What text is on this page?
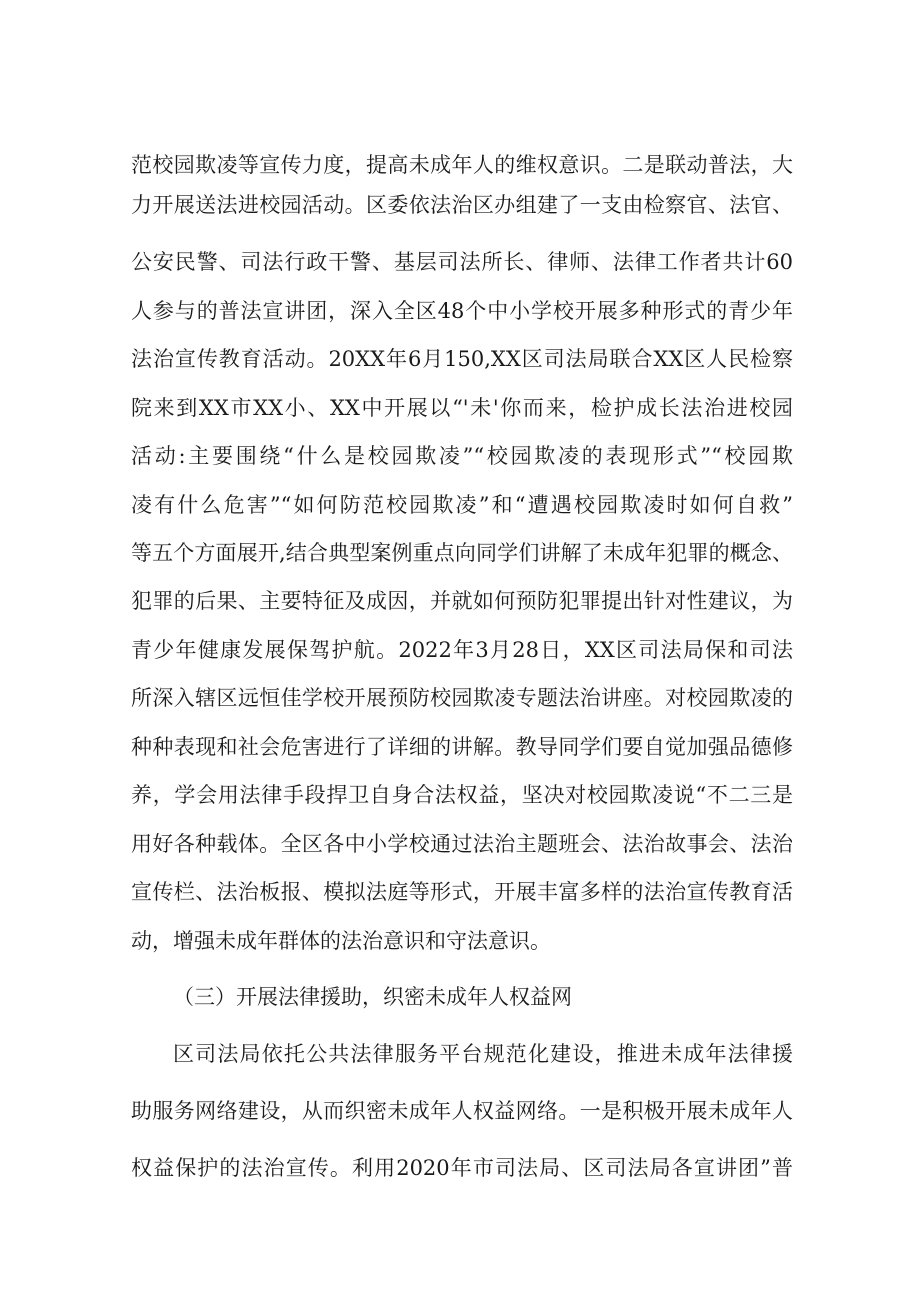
范校园欺凌等宣传力度，提高未成年人的维权意识。二是联动普法，大
力开展送法进校园活动。区委依法治区办组建了一支由检察官、法官、
公安民警、司法行政干警、基层司法所长、律师、法律工作者共计60
人参与的普法宣讲团，深入全区48个中小学校开展多种形式的青少年
法治宣传教育活动。20XX年6月150,XX区司法局联合XX区人民检察
院来到XX市XX小、XX中开展以“'未'你而来，检护成长法治进校园
活动:主要围绕“什么是校园欺凌”“校园欺凌的表现形式”“校园欺
凌有什么危害”“如何防范校园欺凌”和“遭遇校园欺凌时如何自救”
等五个方面展开,结合典型案例重点向同学们讲解了未成年犯罪的概念、
犯罪的后果、主要特征及成因，并就如何预防犯罪提出针对性建议，为
青少年健康发展保驾护航。2022年3月28日，XX区司法局保和司法
所深入辖区远恒佳学校开展预防校园欺凌专题法治讲座。对校园欺凌的
种种表现和社会危害进行了详细的讲解。教导同学们要自觉加强品德修
养，学会用法律手段捍卫自身合法权益，坚决对校园欺凌说“不二三是
用好各种载体。全区各中小学校通过法治主题班会、法治故事会、法治
宣传栏、法治板报、模拟法庭等形式，开展丰富多样的法治宣传教育活
动，增强未成年群体的法治意识和守法意识。
（三）开展法律援助，织密未成年人权益网
区司法局依托公共法律服务平台规范化建设，推进未成年法律援
助服务网络建设，从而织密未成年人权益网络。一是积极开展未成年人
权益保护的法治宣传。利用2020年市司法局、区司法局各宣讲团”普
